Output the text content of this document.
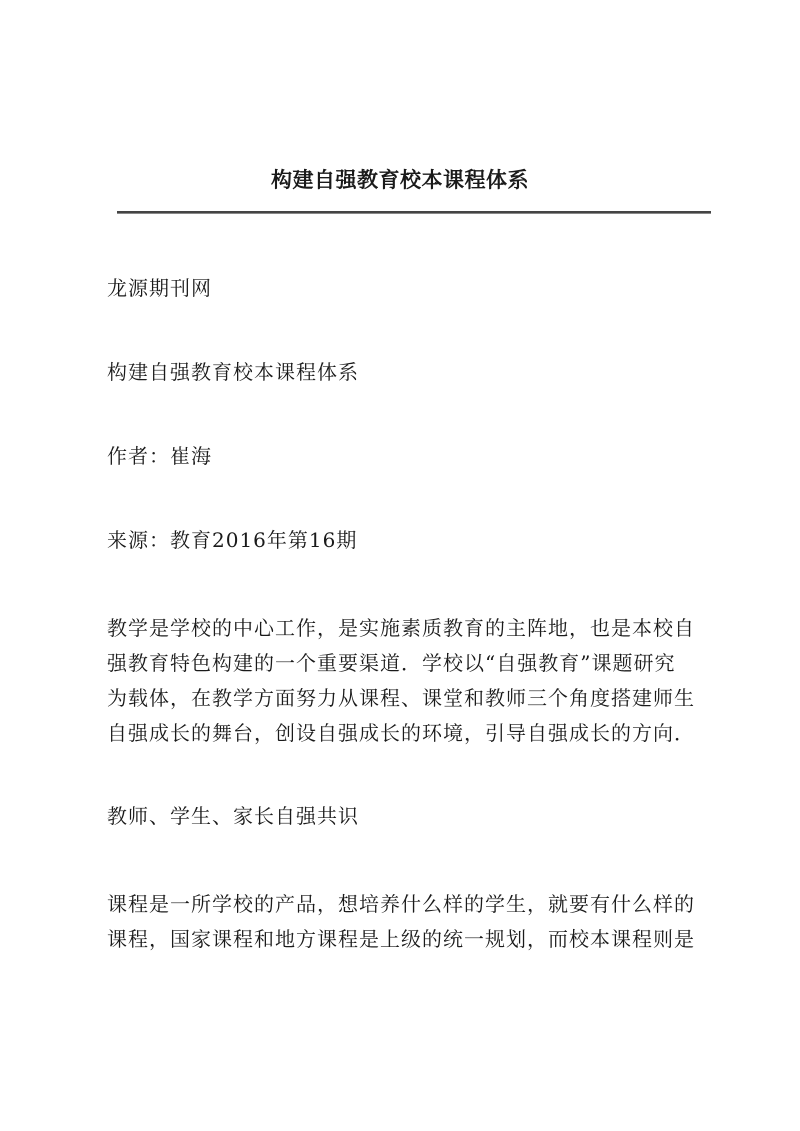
构建自强教育校本课程体系
龙源期刊网
构建自强教育校本课程体系
作者：崔海
来源：教育2016年第16期
教学是学校的中心工作，是实施素质教育的主阵地，也是本校自
强教育特色构建的一个重要渠道．学校以“自强教育”课题研究
为载体，在教学方面努力从课程、课堂和教师三个角度搭建师生
自强成长的舞台，创设自强成长的环境，引导自强成长的方向．
教师、学生、家长自强共识
课程是一所学校的产品，想培养什么样的学生，就要有什么样的
课程，国家课程和地方课程是上级的统一规划，而校本课程则是
